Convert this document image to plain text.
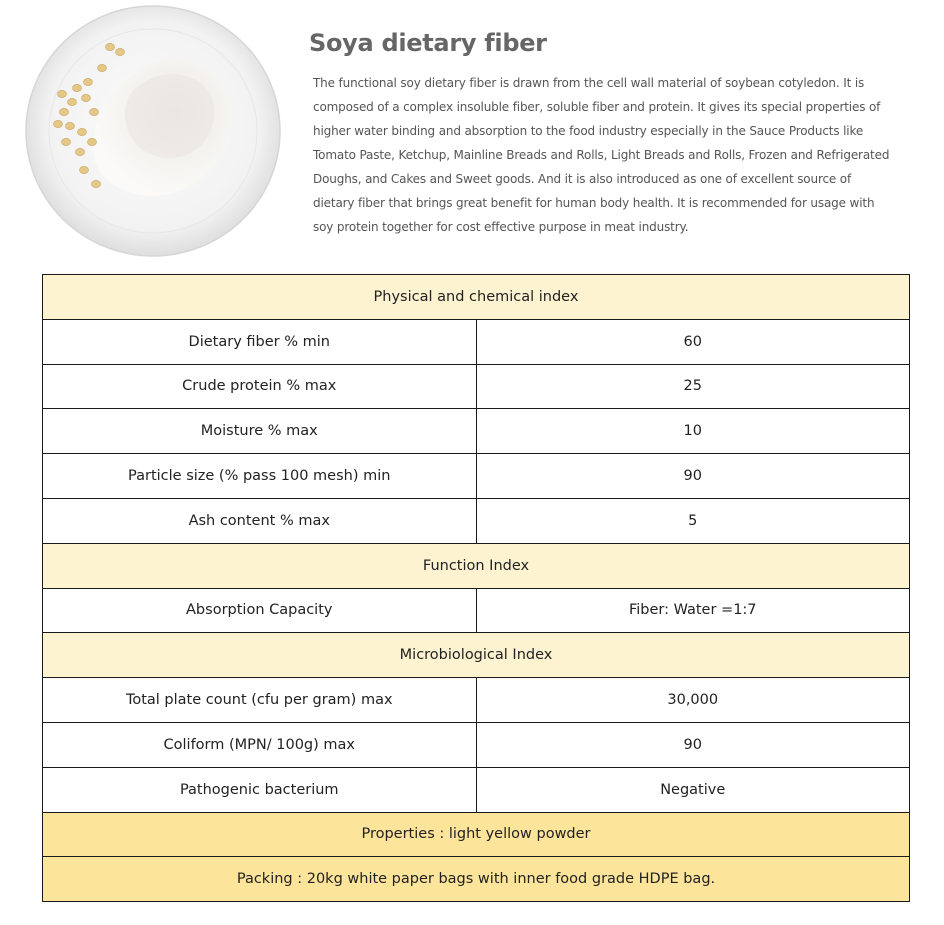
Soya dietary fiber
The functional soy dietary fiber is drawn from the cell wall material of soybean cotyledon. It is composed of a complex insoluble fiber, soluble fiber and protein. It gives its special properties of higher water binding and absorption to the food industry especially in the Sauce Products like Tomato Paste, Ketchup, Mainline Breads and Rolls, Light Breads and Rolls, Frozen and Refrigerated Doughs, and Cakes and Sweet goods. And it is also introduced as one of excellent source of dietary fiber that brings great benefit for human body health. It is recommended for usage with soy protein together for cost effective purpose in meat industry.
Physical and chemical index	
Dietary fiber % min	60
Crude protein % max	25
Moisture % max	10
Particle size (% pass 100 mesh) min	90
Ash content % max	5
Function Index	
Absorption Capacity	Fiber: Water =1:7
Microbiological Index	
Total plate count (cfu per gram) max	30,000
Coliform (MPN/ 100g) max	90
Pathogenic bacterium	Negative
Properties : light yellow powder	
Packing : 20kg white paper bags with inner food grade HDPE bag.	
